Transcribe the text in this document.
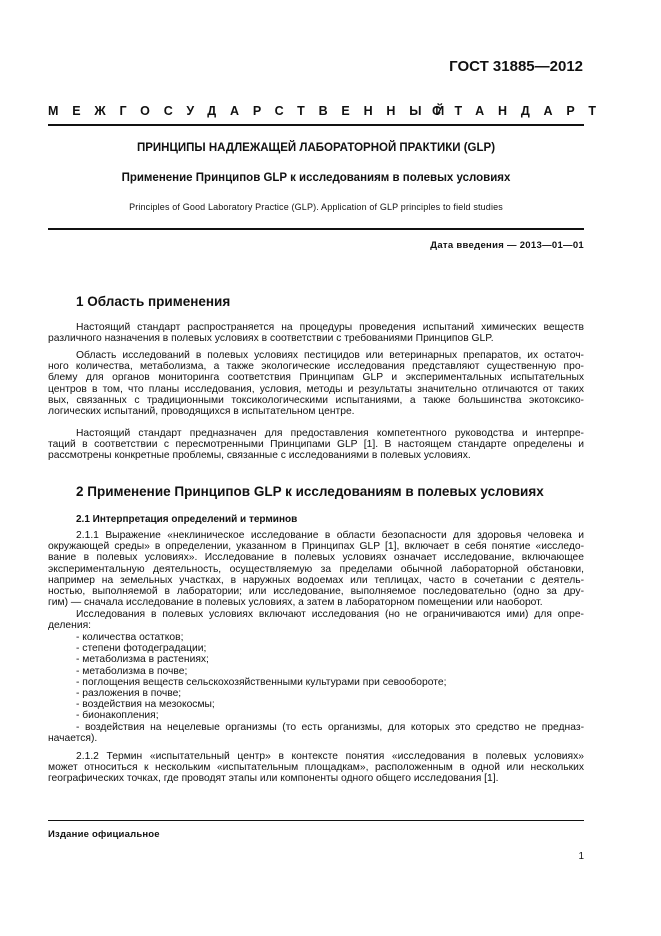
ГОСТ 31885—2012
МЕЖГОСУДАРСТВЕННЫЙ
СТАНДАРТ
ПРИНЦИПЫ НАДЛЕЖАЩЕЙ ЛАБОРАТОРНОЙ ПРАКТИКИ (GLP)
Применение Принципов GLP к исследованиям в полевых условиях
Principles of Good Laboratory Practice (GLP). Application of GLP principles to field studies
Дата введения — 2013—01—01
1 Область применения
Настоящий стандарт распространяется на процедуры проведения испытаний химических веществ
различного назначения в полевых условиях в соответствии с требованиями Принципов GLP.
Область исследований в полевых условиях пестицидов или ветеринарных препаратов, их остаточ-
ного количества, метаболизма, а также экологические исследования представляют существенную про-
блему для органов мониторинга соответствия Принципам GLP и экспериментальных испытательных
центров в том, что планы исследования, условия, методы и результаты значительно отличаются от таких
вых, связанных с традиционными токсикологическими испытаниями, а также большинства экотоксико-
логических испытаний, проводящихся в испытательном центре.
Настоящий стандарт предназначен для предоставления компетентного руководства и интерпре-
таций в соответствии с пересмотренными Принципами GLP [1]. В настоящем стандарте определены и
рассмотрены конкретные проблемы, связанные с исследованиями в полевых условиях.
2 Применение Принципов GLP к исследованиям в полевых условиях
2.1 Интерпретация определений и терминов
2.1.1 Выражение «неклиническое исследование в области безопасности для здоровья человека и
окружающей среды» в определении, указанном в Принципах GLP [1], включает в себя понятие «исследо-
вание в полевых условиях». Исследование в полевых условиях означает исследование, включающее
экспериментальную деятельность, осуществляемую за пределами обычной лабораторной обстановки,
например на земельных участках, в наружных водоемах или теплицах, часто в сочетании с деятель-
ностью, выполняемой в лаборатории; или исследование, выполняемое последовательно (одно за дру-
гим) — сначала исследование в полевых условиях, а затем в лабораторном помещении или наоборот.
Исследования в полевых условиях включают исследования (но не ограничиваются ими) для опре-
деления:
- количества остатков;
- степени фотодеградации;
- метаболизма в растениях;
- метаболизма в почве;
- поглощения веществ сельскохозяйственными культурами при севообороте;
- разложения в почве;
- воздействия на мезокосмы;
- бионакопления;
- воздействия на нецелевые организмы (то есть организмы, для которых это средство не предназ-
начается).
2.1.2 Термин «испытательный центр» в контексте понятия «исследования в полевых условиях»
может относиться к нескольким «испытательным площадкам», расположенным в одной или нескольких
географических точках, где проводят этапы или компоненты одного общего исследования [1].
Издание официальное
1
